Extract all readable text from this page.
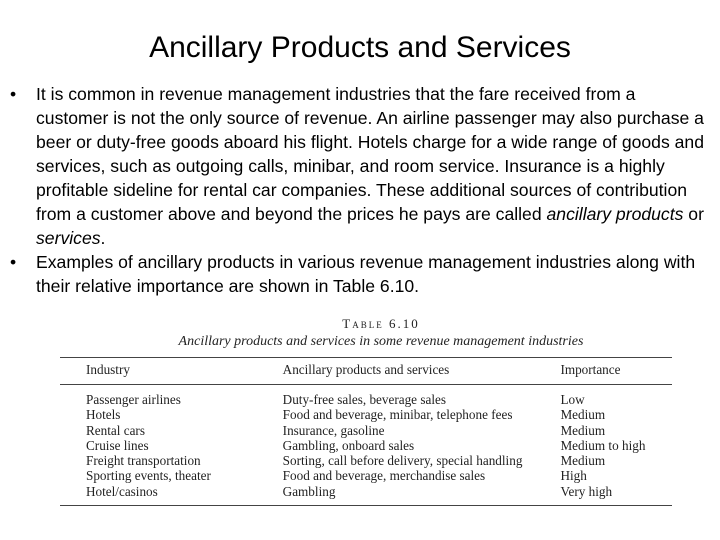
Ancillary Products and Services
•	It is common in revenue management industries that the fare received from a customer is not the only source of revenue. An airline passenger may also purchase a beer or duty-free goods aboard his flight. Hotels charge for a wide range of goods and services, such as outgoing calls, minibar, and room service. Insurance is a highly profitable sideline for rental car companies. These additional sources of contribution from a customer above and beyond the prices he pays are called ancillary products or services.
•	Examples of ancillary products in various revenue management industries along with their relative importance are shown in Table 6.10.
Table 6.10
Ancillary products and services in some revenue management industries
Industry	Ancillary products and services	Importance
Passenger airlines	Duty-free sales, beverage sales	Low
Hotels	Food and beverage, minibar, telephone fees	Medium
Rental cars	Insurance, gasoline	Medium
Cruise lines	Gambling, onboard sales	Medium to high
Freight transportation	Sorting, call before delivery, special handling	Medium
Sporting events, theater	Food and beverage, merchandise sales	High
Hotel/casinos	Gambling	Very high
